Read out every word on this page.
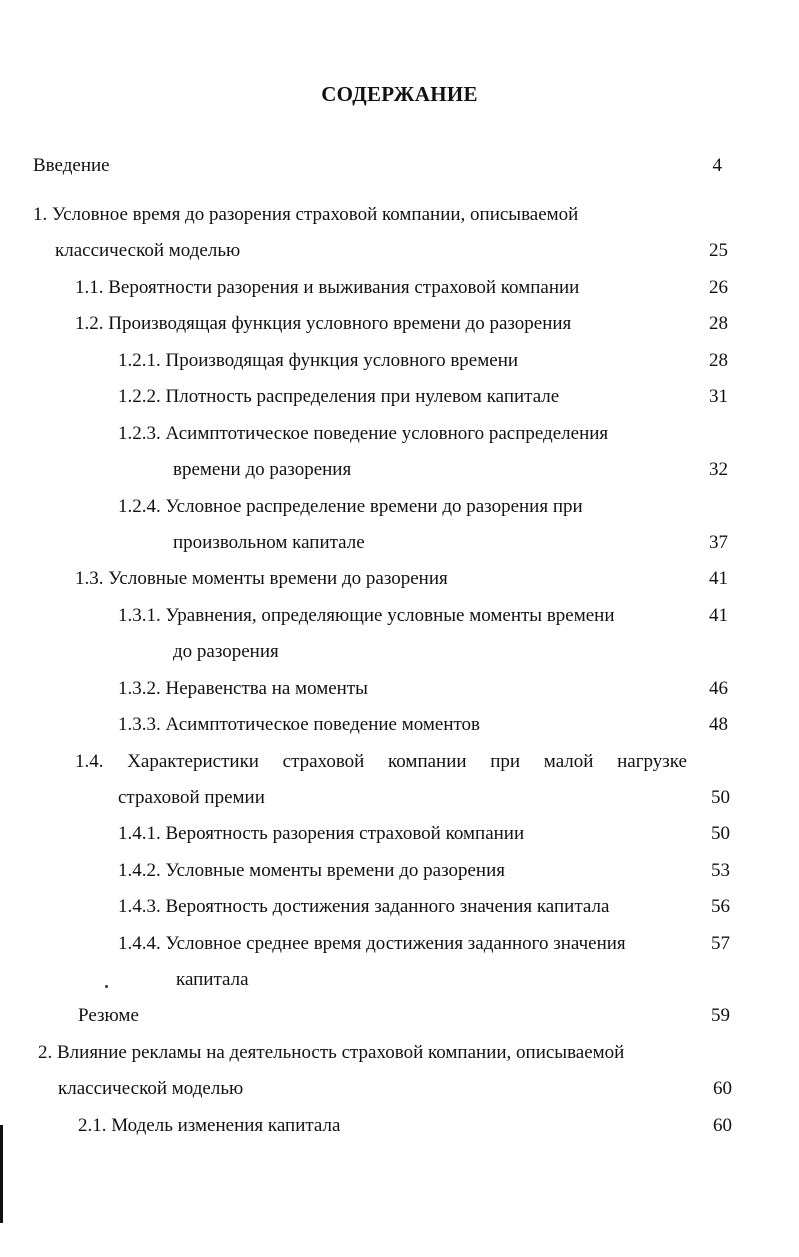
СОДЕРЖАНИЕ
Введение	4
1. Условное время до разорения страховой компании, описываемой
классической моделью	25
1.1. Вероятности разорения и выживания страховой компании	26
1.2. Производящая функция условного времени до разорения	28
1.2.1. Производящая функция условного времени	28
1.2.2. Плотность распределения при нулевом капитале	31
1.2.3. Асимптотическое поведение условного распределения
времени до разорения	32
1.2.4. Условное распределение времени до разорения при
произвольном капитале	37
1.3. Условные моменты времени до разорения	41
1.3.1. Уравнения, определяющие условные моменты времени	41
до разорения
1.3.2. Неравенства на моменты	46
1.3.3. Асимптотическое поведение моментов	48
1.4. Характеристики страховой компании при малой нагрузке
страховой премии	50
1.4.1. Вероятность разорения страховой компании	50
1.4.2. Условные моменты времени до разорения	53
1.4.3. Вероятность достижения заданного значения капитала	56
1.4.4. Условное среднее время достижения заданного значения	57
капитала
Резюме	59
2. Влияние рекламы на деятельность страховой компании, описываемой
классической моделью	60
2.1. Модель изменения капитала	60
